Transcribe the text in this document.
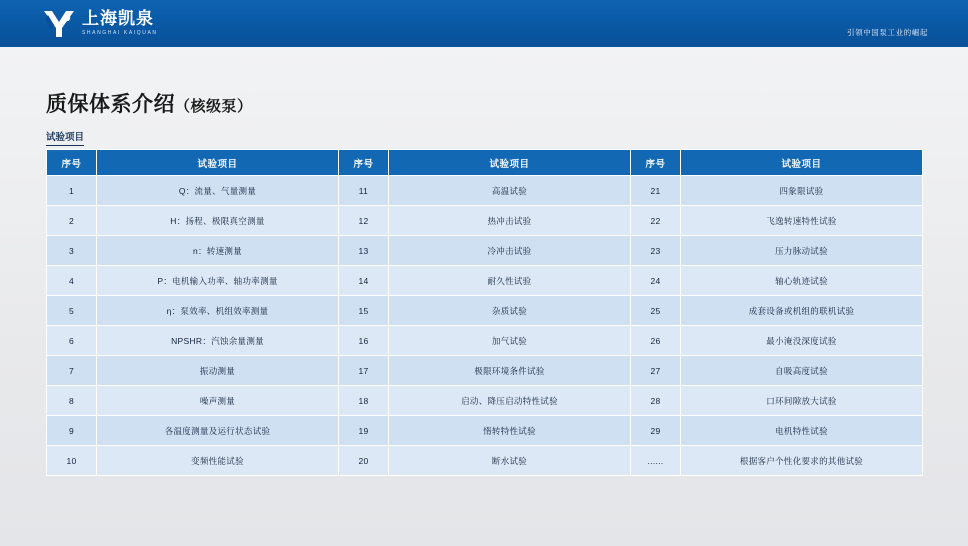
上海凯泉
SHANGHAI KAIQUAN	引领中国泵工业的崛起
质保体系介绍（核级泵）
试验项目
序号	试验项目	序号	试验项目	序号	试验项目
1	Q：流量、气量测量	11	高温试验	21	四象限试验
2	H：扬程、极限真空测量	12	热冲击试验	22	飞逸转速特性试验
3	n：转速测量	13	冷冲击试验	23	压力脉动试验
4	P：电机输入功率、轴功率测量	14	耐久性试验	24	轴心轨迹试验
5	η：泵效率、机组效率测量	15	杂质试验	25	成套设备或机组的联机试验
6	NPSHR：汽蚀余量测量	16	加气试验	26	最小淹没深度试验
7	振动测量	17	极限环境条件试验	27	自吸高度试验
8	噪声测量	18	启动、降压启动特性试验	28	口环间隙放大试验
9	各温度测量及运行状态试验	19	惰转特性试验	29	电机特性试验
10	变频性能试验	20	断水试验	......	根据客户个性化要求的其他试验
